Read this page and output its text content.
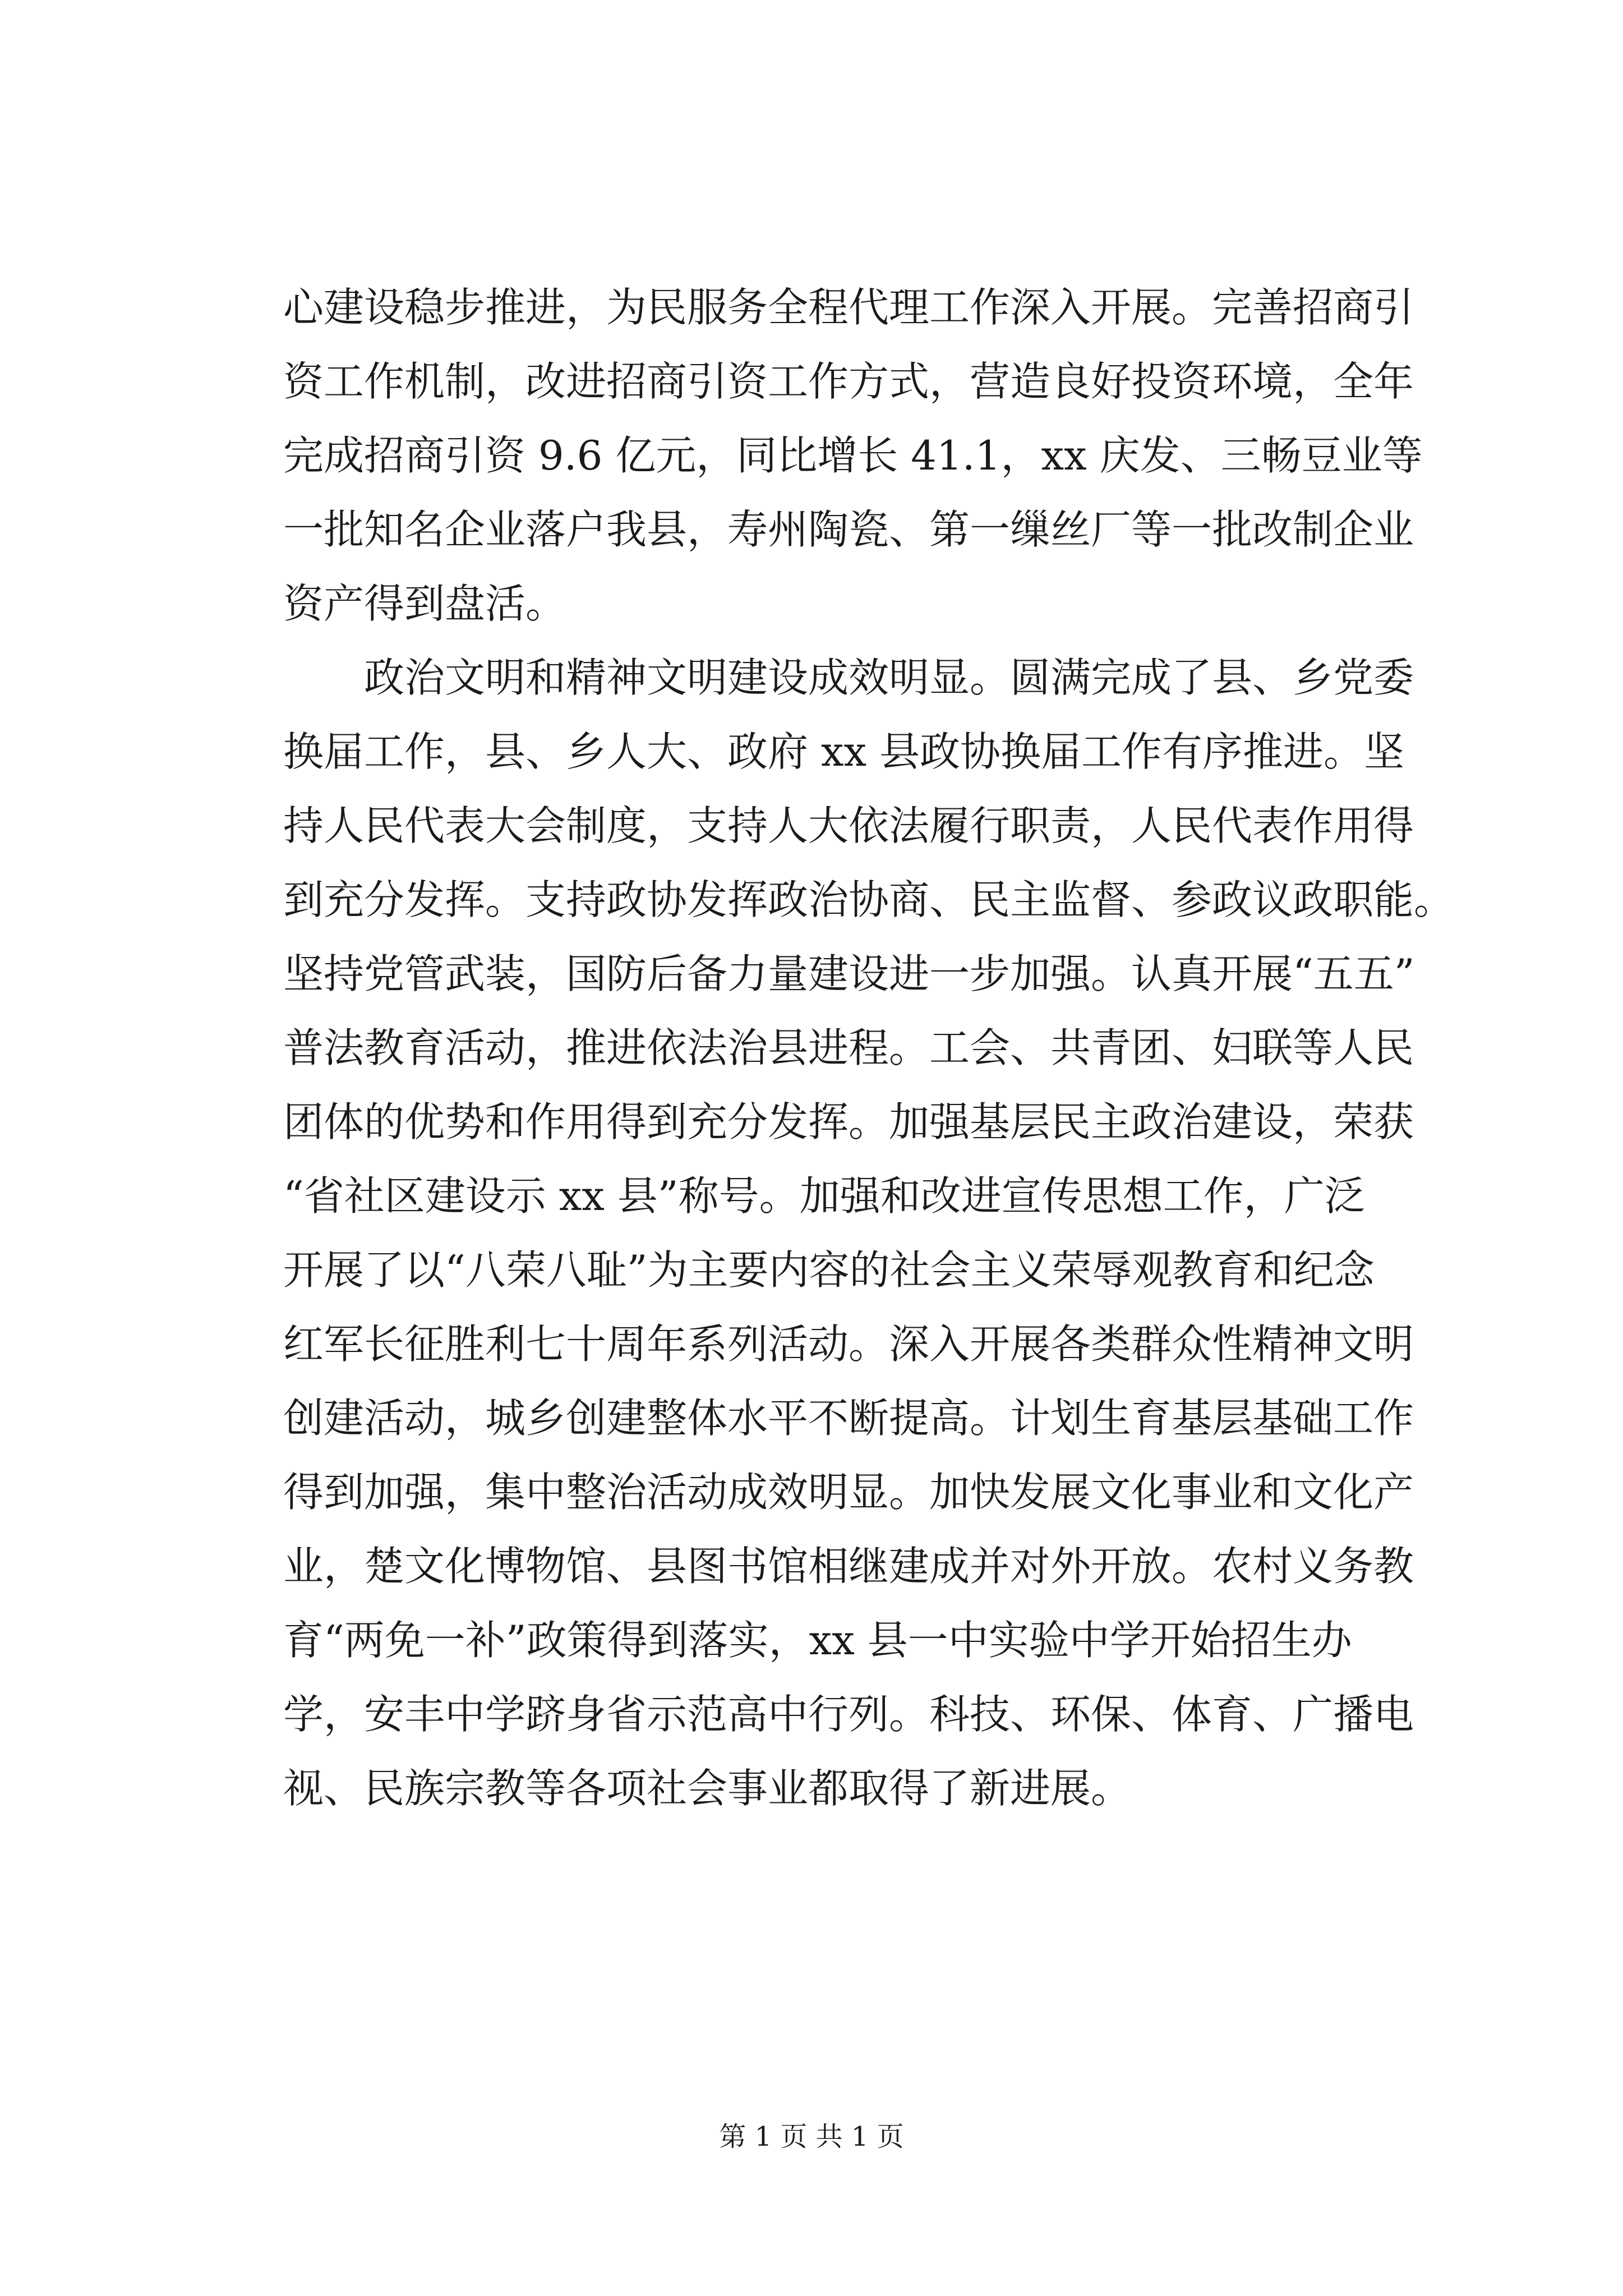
心建设稳步推进，为民服务全程代理工作深入开展。完善招商引
资工作机制，改进招商引资工作方式，营造良好投资环境，全年
完成招商引资 9.6 亿元，同比增长 41.1，xx 庆发、三畅豆业等
一批知名企业落户我县，寿州陶瓷、第一缫丝厂等一批改制企业
资产得到盘活。
　　政治文明和精神文明建设成效明显。圆满完成了县、乡党委
换届工作，县、乡人大、政府 xx 县政协换届工作有序推进。坚
持人民代表大会制度，支持人大依法履行职责，人民代表作用得
到充分发挥。支持政协发挥政治协商、民主监督、参政议政职能。
坚持党管武装，国防后备力量建设进一步加强。认真开展“五五”
普法教育活动，推进依法治县进程。工会、共青团、妇联等人民
团体的优势和作用得到充分发挥。加强基层民主政治建设，荣获
“省社区建设示 xx 县”称号。加强和改进宣传思想工作，广泛
开展了以“八荣八耻”为主要内容的社会主义荣辱观教育和纪念
红军长征胜利七十周年系列活动。深入开展各类群众性精神文明
创建活动，城乡创建整体水平不断提高。计划生育基层基础工作
得到加强，集中整治活动成效明显。加快发展文化事业和文化产
业，楚文化博物馆、县图书馆相继建成并对外开放。农村义务教
育“两免一补”政策得到落实，xx 县一中实验中学开始招生办
学，安丰中学跻身省示范高中行列。科技、环保、体育、广播电
视、民族宗教等各项社会事业都取得了新进展。
第 1 页 共 1 页
